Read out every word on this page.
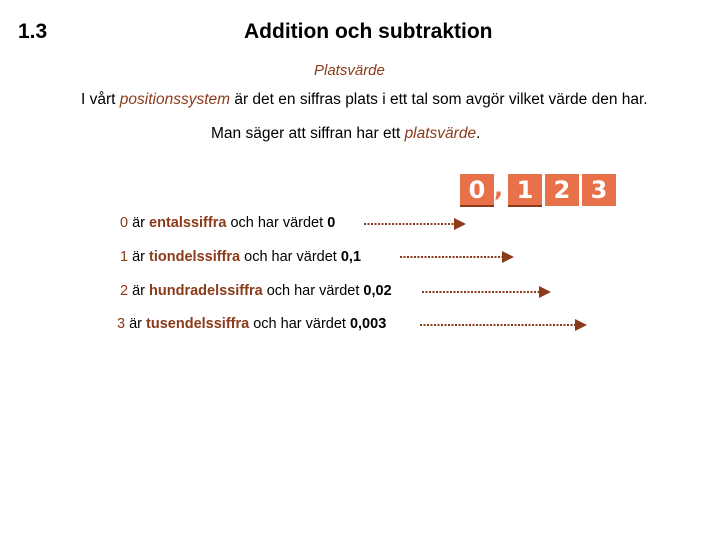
1.3	Addition och subtraktion
Platsvärde
I vårt positionssystem är det en siffras plats i ett tal som avgör vilket värde den har.
Man säger att siffran har ett platsvärde.
0 , 1 2 3
0 är entalssiffra och har värdet 0
1 är tiondelssiffra och har värdet 0,1
2 är hundradelssiffra och har värdet 0,02
3 är tusendelssiffra och har värdet 0,003
